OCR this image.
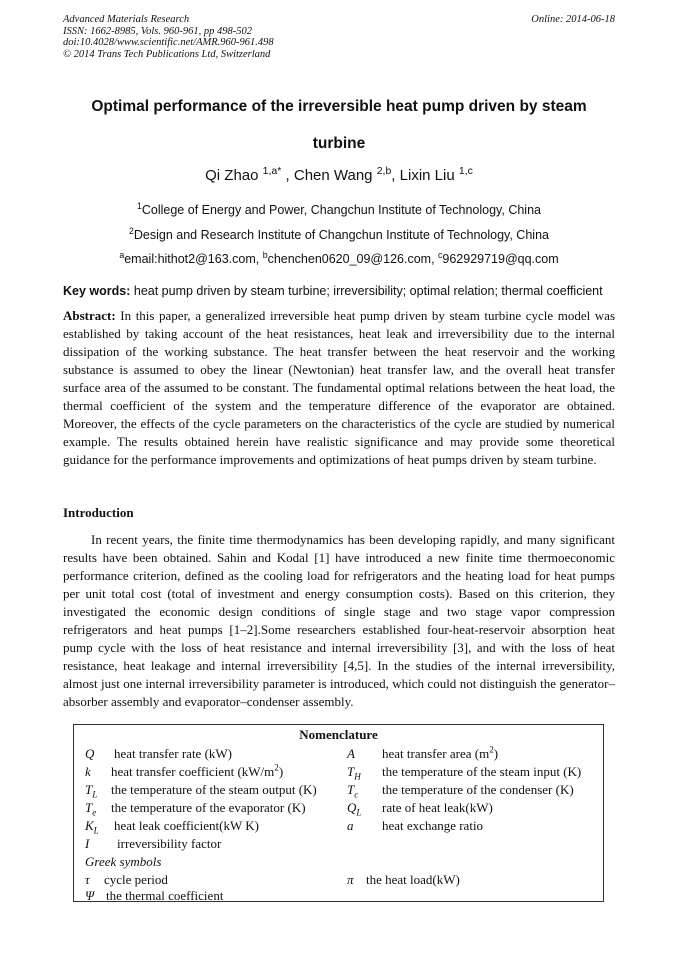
Advanced Materials Research
ISSN: 1662-8985, Vols. 960-961, pp 498-502
doi:10.4028/www.scientific.net/AMR.960-961.498
© 2014 Trans Tech Publications Ltd, Switzerland
Online: 2014-06-18
Optimal performance of the irreversible heat pump driven by steam
turbine
Qi Zhao $^{1,a*}$ , Chen Wang $^{2,b}$, Lixin Liu $^{1,c}$
$^1$College of Energy and Power, Changchun Institute of Technology, China
$^2$Design and Research Institute of Changchun Institute of Technology, China
$^a$email:hithot2@163.com, $^b$chenchen0620_09@126.com, $^c$962929719@qq.com
Key words: heat pump driven by steam turbine; irreversibility; optimal relation; thermal coefficient
Abstract: In this paper, a generalized irreversible heat pump driven by steam turbine cycle model was established by taking account of the heat resistances, heat leak and irreversibility due to the internal dissipation of the working substance. The heat transfer between the heat reservoir and the working substance is assumed to obey the linear (Newtonian) heat transfer law, and the overall heat transfer surface area of the assumed to be constant. The fundamental optimal relations between the heat load, the thermal coefficient of the system and the temperature difference of the evaporator are obtained. Moreover, the effects of the cycle parameters on the characteristics of the cycle are studied by numerical example. The results obtained herein have realistic significance and may provide some theoretical guidance for the performance improvements and optimizations of heat pumps driven by steam turbine.
Introduction
In recent years, the finite time thermodynamics has been developing rapidly, and many significant results have been obtained. Sahin and Kodal [1] have introduced a new finite time thermoeconomic performance criterion, defined as the cooling load for refrigerators and the heating load for heat pumps per unit total cost (total of investment and energy consumption costs). Based on this criterion, they investigated the economic design conditions of single stage and two stage vapor compression refrigerators and heat pumps [1–2].Some researchers established four-heat-reservoir absorption heat pump cycle with the loss of heat resistance and internal irreversibility [3], and with the loss of heat resistance, heat leakage and internal irreversibility [4,5]. In the studies of the internal irreversibility, almost just one internal irreversibility parameter is introduced, which could not distinguish the generator–absorber assembly and evaporator–condenser assembly.
Nomenclature
Q heat transfer rate (kW)	A heat transfer area $(m^2)$
k heat transfer coefficient $(kW/m^2)$	$T_H$ the temperature of the steam input (K)
$T_L$ the temperature of the steam output (K) $T_c$ the temperature of the condenser (K)
$T_e$ the temperature of the evaporator (K)	$Q_L$ rate of heat leak(kW)
$K_L$ heat leak coefficient(kW K)	a heat exchange ratio
I irreversibility factor
Greek symbols
τ cycle period	π the heat load(kW)
Ψ the thermal coefficient
